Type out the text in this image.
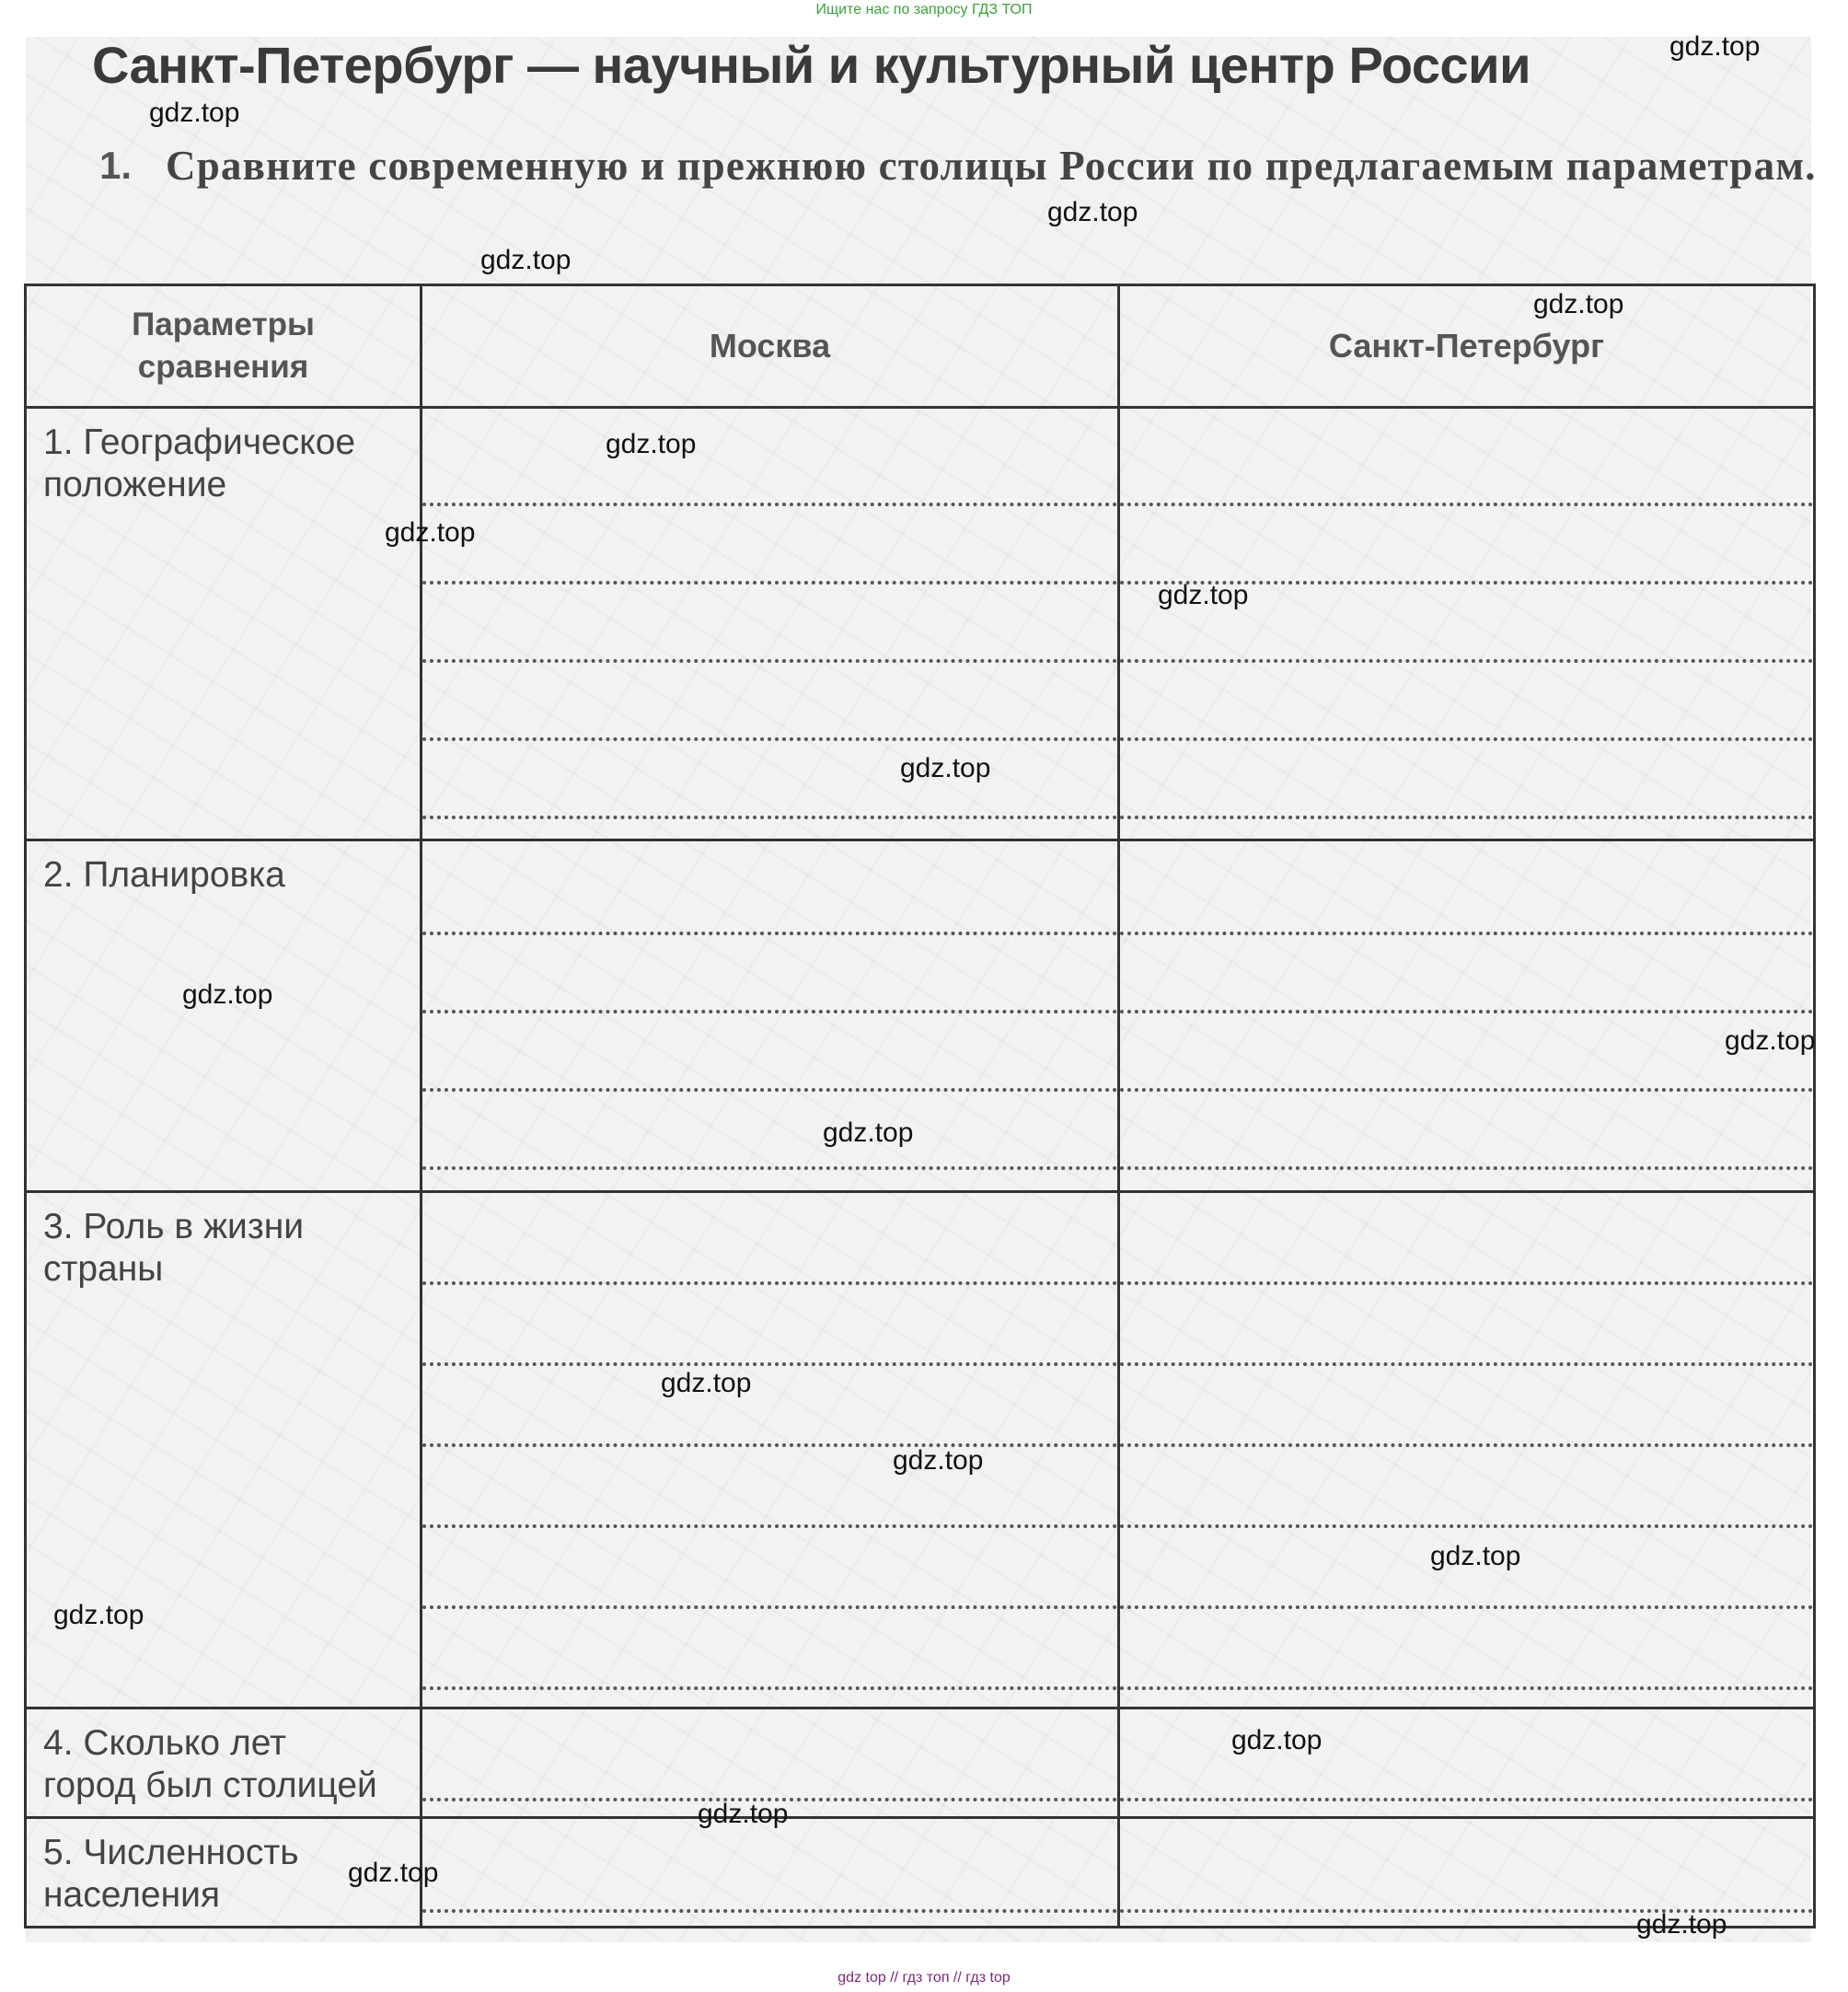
Ищите нас по запросу ГДЗ ТОП
Санкт-Петербург — научный и культурный центр России
1. Сравните современную и прежнюю столицы России по предлагаемым параметрам.
Параметры сравнения	Москва	Санкт-Петербург
1. Географическое положение	

2. Планировка	

3. Роль в жизни страны	

4. Сколько лет город был столицей	

5. Численность населения	

gdz.top
gdz.top
gdz.top
gdz.top
gdz.top
gdz.top
gdz.top
gdz.top
gdz.top
gdz.top
gdz.top
gdz.top
gdz.top
gdz.top
gdz.top
gdz.top
gdz.top
gdz.top
gdz.top
gdz.top
gdz top // гдз топ // гдз top
